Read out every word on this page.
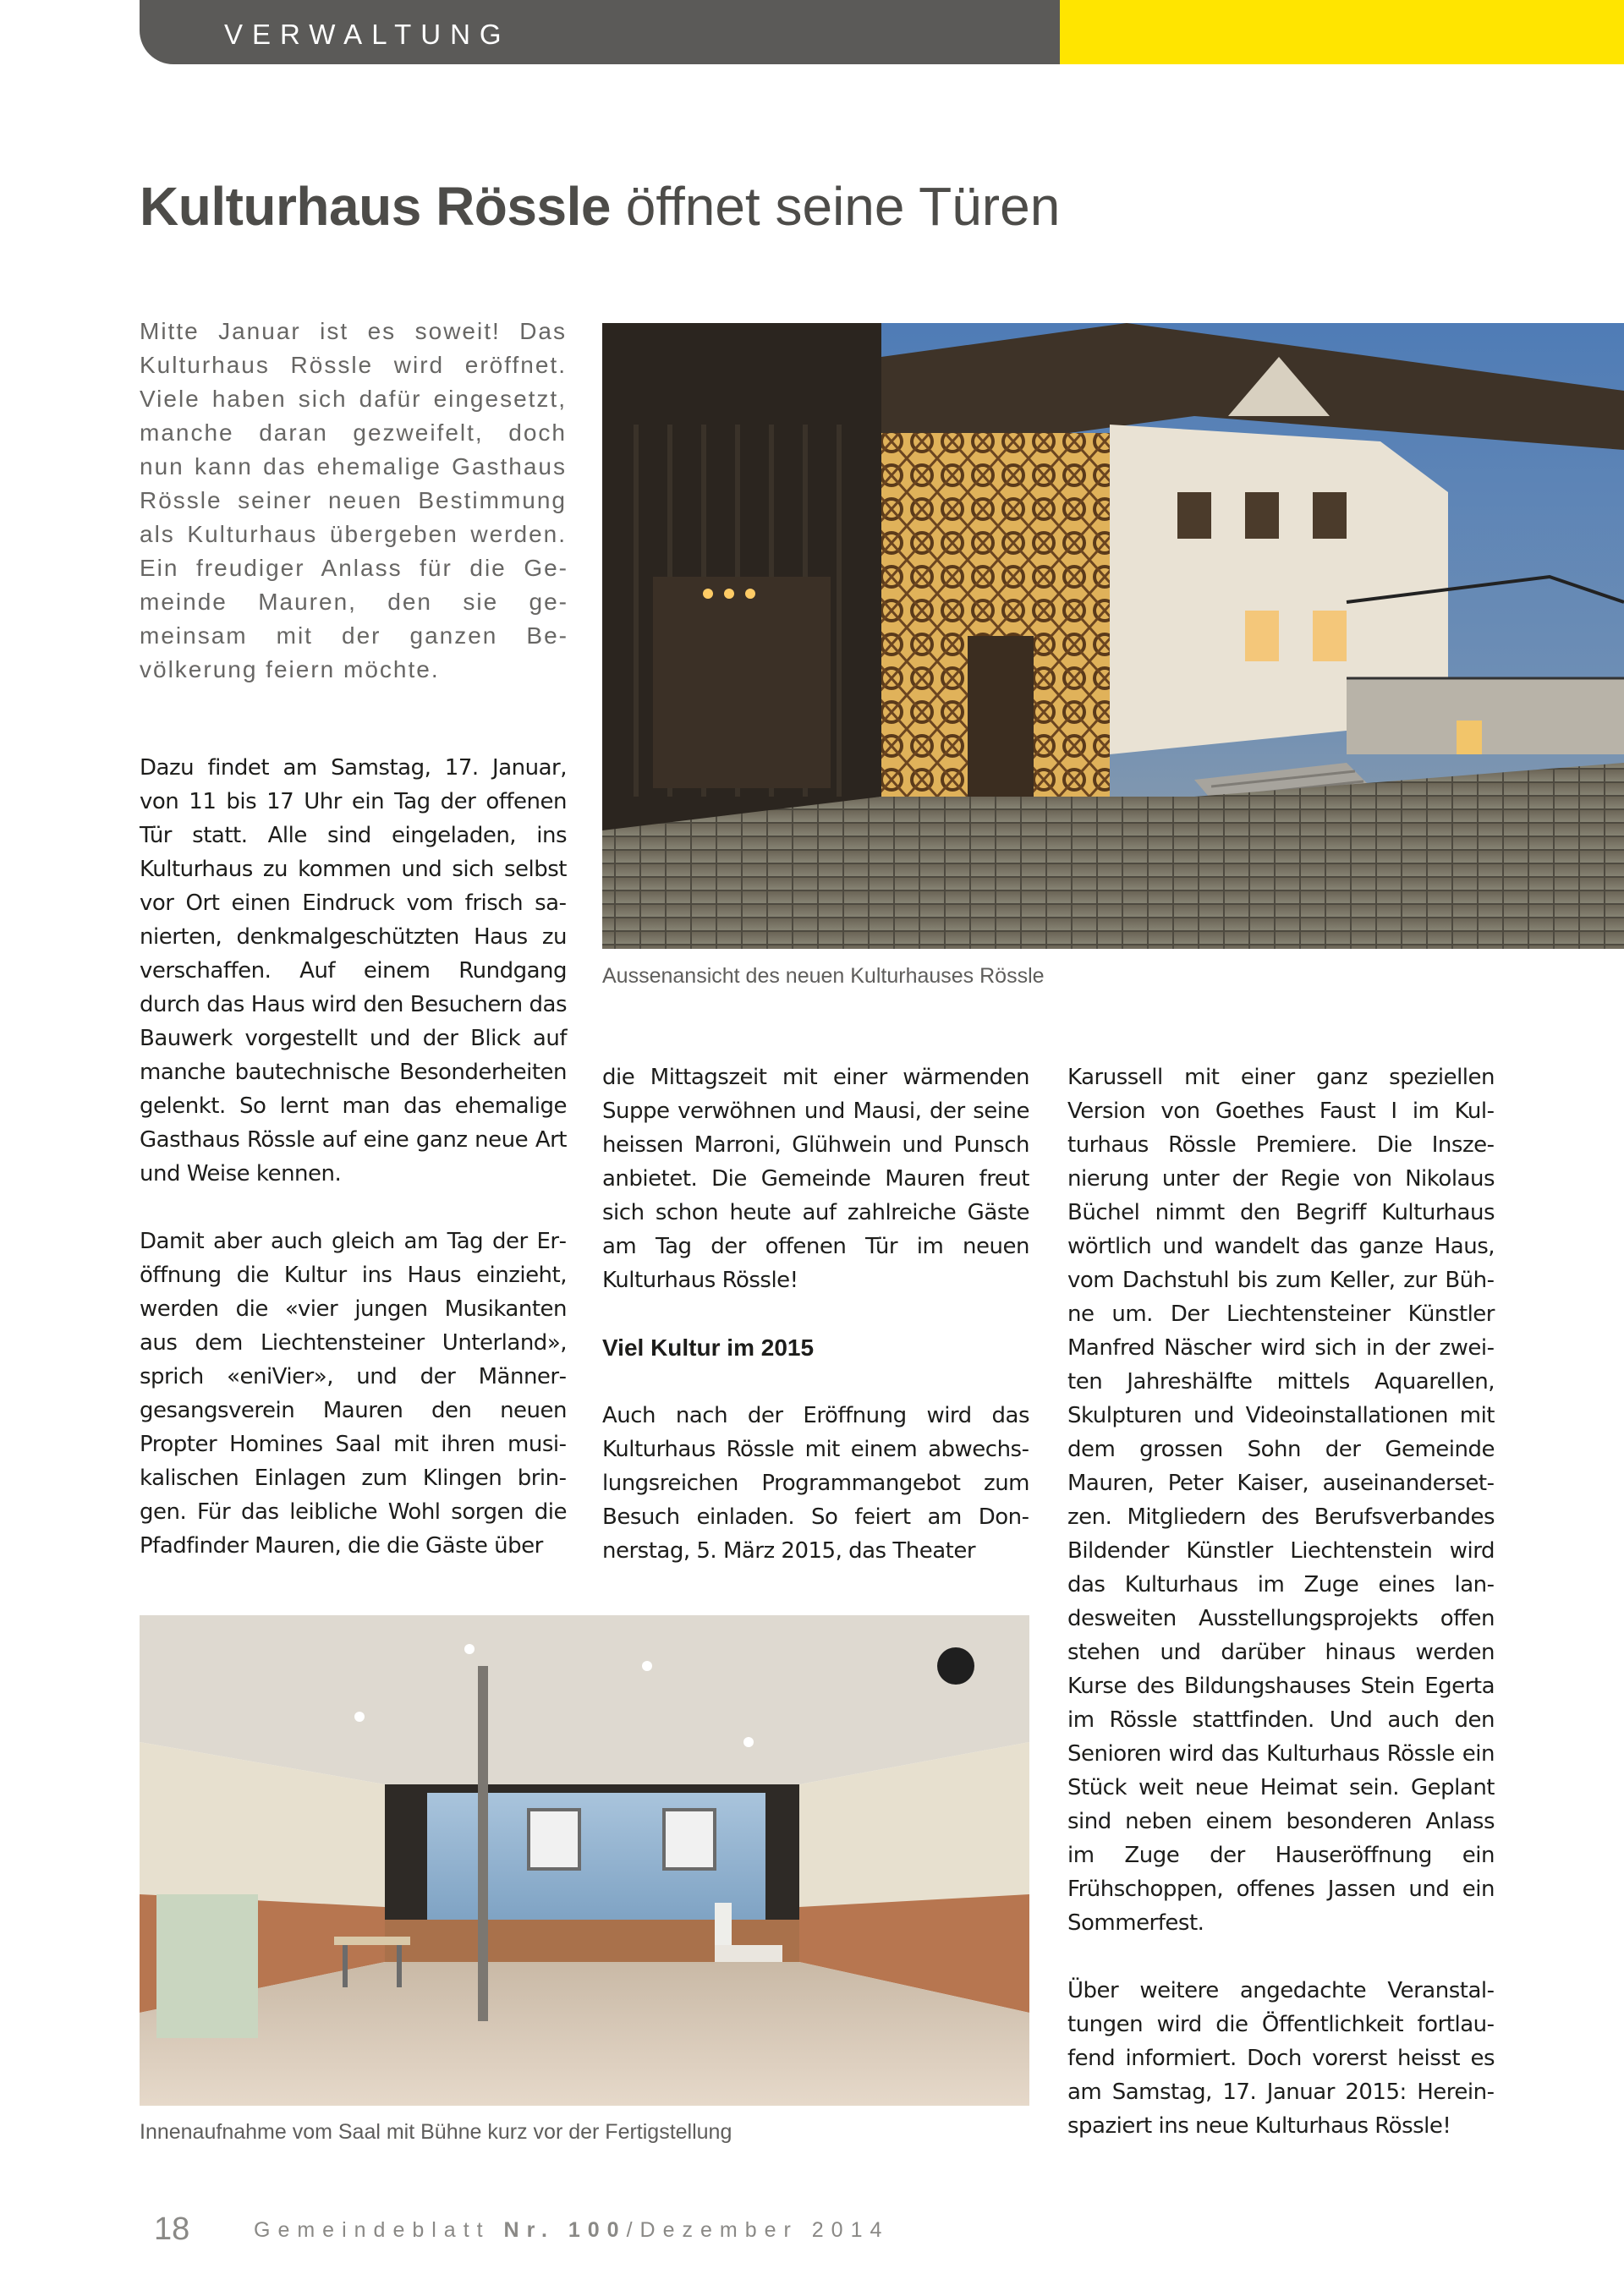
VERWALTUNG
Kulturhaus Rössle öffnet seine Türen

Mitte Januar ist es soweit! Das Kulturhaus Rössle wird eröffnet. Viele haben sich dafür eingesetzt, manche daran gezweifelt, doch nun kann das ehemalige Gasthaus Rössle seiner neuen Bestimmung als Kulturhaus übergeben werden. Ein freudiger Anlass für die Gemeinde Mauren, den sie gemeinsam mit der ganzen Bevölkerung feiern möchte.

Aussenansicht des neuen Kulturhauses Rössle

Dazu findet am Samstag, 17. Januar, von 11 bis 17 Uhr ein Tag der offenen Tür statt. Alle sind eingeladen, ins Kulturhaus zu kommen und sich selbst vor Ort einen Eindruck vom frisch sanierten, denkmalgeschützten Haus zu verschaffen. Auf einem Rundgang durch das Haus wird den Besuchern das Bauwerk vorgestellt und der Blick auf manche bautechnische Besonderheiten gelenkt. So lernt man das ehemalige Gasthaus Rössle auf eine ganz neue Art und Weise kennen.

Damit aber auch gleich am Tag der Eröffnung die Kultur ins Haus einzieht, werden die «vier jungen Musikanten aus dem Liechtensteiner Unterland», sprich «eniVier», und der Männergesangsverein Mauren den neuen Propter Homines Saal mit ihren musikalischen Einlagen zum Klingen bringen. Für das leibliche Wohl sorgen die Pfadfinder Mauren, die die Gäste über

die Mittagszeit mit einer wärmenden Suppe verwöhnen und Mausi, der seine heissen Marroni, Glühwein und Punsch anbietet. Die Gemeinde Mauren freut sich schon heute auf zahlreiche Gäste am Tag der offenen Tür im neuen Kulturhaus Rössle!

Viel Kultur im 2015

Auch nach der Eröffnung wird das Kulturhaus Rössle mit einem abwechslungsreichen Programmangebot zum Besuch einladen. So feiert am Donnerstag, 5. März 2015, das Theater

Karussell mit einer ganz speziellen Version von Goethes Faust I im Kulturhaus Rössle Premiere. Die Inszenierung unter der Regie von Nikolaus Büchel nimmt den Begriff Kulturhaus wörtlich und wandelt das ganze Haus, vom Dachstuhl bis zum Keller, zur Bühne um. Der Liechtensteiner Künstler Manfred Näscher wird sich in der zweiten Jahreshälfte mittels Aquarellen, Skulpturen und Videoinstallationen mit dem grossen Sohn der Gemeinde Mauren, Peter Kaiser, auseinandersetzen. Mitgliedern des Berufsverbandes Bildender Künstler Liechtenstein wird das Kulturhaus im Zuge eines landesweiten Ausstellungsprojekts offen stehen und darüber hinaus werden Kurse des Bildungshauses Stein Egerta im Rössle stattfinden. Und auch den Senioren wird das Kulturhaus Rössle ein Stück weit neue Heimat sein. Geplant sind neben einem besonderen Anlass im Zuge der Hauseröffnung ein Frühschoppen, offenes Jassen und ein Sommerfest.

Über weitere angedachte Veranstaltungen wird die Öffentlichkeit fortlaufend informiert. Doch vorerst heisst es am Samstag, 17. Januar 2015: Hereinspaziert ins neue Kulturhaus Rössle!

Innenaufnahme vom Saal mit Bühne kurz vor der Fertigstellung
18	Gemeindeblatt Nr. 100/Dezember 2014
